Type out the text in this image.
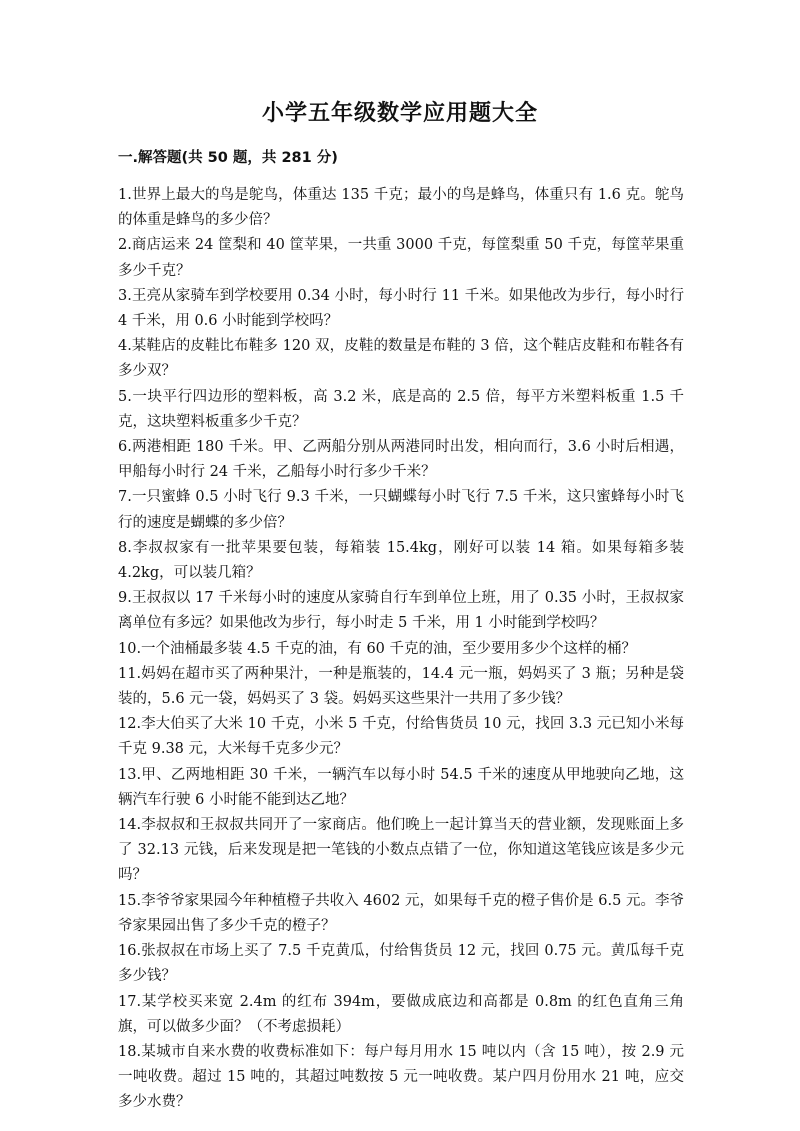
小学五年级数学应用题大全
一.解答题(共 50 题，共 281 分)

1.世界上最大的鸟是鸵鸟，体重达 135 千克；最小的鸟是蜂鸟，体重只有 1.6 克。鸵鸟的体重是蜂鸟的多少倍？

2.商店运来 24 筐梨和 40 筐苹果，一共重 3000 千克，每筐梨重 50 千克，每筐苹果重多少千克？

3.王亮从家骑车到学校要用 0.34 小时，每小时行 11 千米。如果他改为步行，每小时行 4 千米，用 0.6 小时能到学校吗？

4.某鞋店的皮鞋比布鞋多 120 双，皮鞋的数量是布鞋的 3 倍，这个鞋店皮鞋和布鞋各有多少双？

5.一块平行四边形的塑料板，高 3.2 米，底是高的 2.5 倍，每平方米塑料板重 1.5 千克，这块塑料板重多少千克？

6.两港相距 180 千米。甲、乙两船分别从两港同时出发，相向而行，3.6 小时后相遇，甲船每小时行 24 千米，乙船每小时行多少千米？

7.一只蜜蜂 0.5 小时飞行 9.3 千米，一只蝴蝶每小时飞行 7.5 千米，这只蜜蜂每小时飞行的速度是蝴蝶的多少倍？

8.李叔叔家有一批苹果要包装，每箱装 15.4kg，刚好可以装 14 箱。如果每箱多装 4.2kg，可以装几箱？

9.王叔叔以 17 千米每小时的速度从家骑自行车到单位上班，用了 0.35 小时，王叔叔家离单位有多远？如果他改为步行，每小时走 5 千米，用 1 小时能到学校吗？

10.一个油桶最多装 4.5 千克的油，有 60 千克的油，至少要用多少个这样的桶？

11.妈妈在超市买了两种果汁，一种是瓶装的，14.4 元一瓶，妈妈买了 3 瓶；另种是袋装的，5.6 元一袋，妈妈买了 3 袋。妈妈买这些果汁一共用了多少钱？

12.李大伯买了大米 10 千克，小米 5 千克，付给售货员 10 元，找回 3.3 元已知小米每千克 9.38 元，大米每千克多少元？

13.甲、乙两地相距 30 千米，一辆汽车以每小时 54.5 千米的速度从甲地驶向乙地，这辆汽车行驶 6 小时能不能到达乙地？

14.李叔叔和王叔叔共同开了一家商店。他们晚上一起计算当天的营业额，发现账面上多了 32.13 元钱，后来发现是把一笔钱的小数点点错了一位，你知道这笔钱应该是多少元吗？

15.李爷爷家果园今年种植橙子共收入 4602 元，如果每千克的橙子售价是 6.5 元。李爷爷家果园出售了多少千克的橙子？

16.张叔叔在市场上买了 7.5 千克黄瓜，付给售货员 12 元，找回 0.75 元。黄瓜每千克多少钱？

17.某学校买来宽 2.4m 的红布 394m，要做成底边和高都是 0.8m 的红色直角三角旗，可以做多少面？（不考虑损耗）

18.某城市自来水费的收费标准如下：每户每月用水 15 吨以内（含 15 吨），按 2.9 元一吨收费。超过 15 吨的，其超过吨数按 5 元一吨收费。某户四月份用水 21 吨，应交多少水费？
